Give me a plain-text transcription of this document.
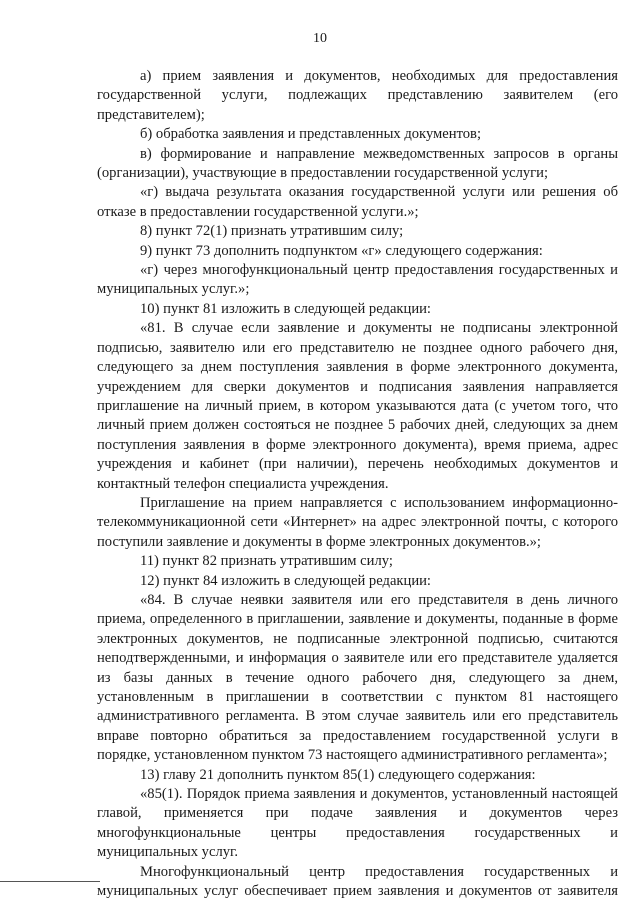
10

а) прием заявления и документов, необходимых для предоставления государственной услуги, подлежащих представлению заявителем (его представителем);

б) обработка заявления и представленных документов;

в) формирование и направление межведомственных запросов в органы (организации), участвующие в предоставлении государственной услуги;

«г) выдача результата оказания государственной услуги или решения об отказе в предоставлении государственной услуги.»;

8) пункт 72(1) признать утратившим силу;

9) пункт 73 дополнить подпунктом «г» следующего содержания:

«г) через многофункциональный центр предоставления государственных и муниципальных услуг.»;

10) пункт 81 изложить в следующей редакции:

«81. В случае если заявление и документы не подписаны электронной подписью, заявителю или его представителю не позднее одного рабочего дня, следующего за днем поступления заявления в форме электронного документа, учреждением для сверки документов и подписания заявления направляется приглашение на личный прием, в котором указываются дата (с учетом того, что личный прием должен состояться не позднее 5 рабочих дней, следующих за днем поступления заявления в форме электронного документа), время приема, адрес учреждения и кабинет (при наличии), перечень необходимых документов и контактный телефон специалиста учреждения.

Приглашение на прием направляется с использованием информационно-телекоммуникационной сети «Интернет» на адрес электронной почты, с которого поступили заявление и документы в форме электронных документов.»;

11) пункт 82 признать утратившим силу;

12) пункт 84 изложить в следующей редакции:

«84. В случае неявки заявителя или его представителя в день личного приема, определенного в приглашении, заявление и документы, поданные в форме электронных документов, не подписанные электронной подписью, считаются неподтвержденными, и информация о заявителе или его представителе удаляется из базы данных в течение одного рабочего дня, следующего за днем, установленным в приглашении в соответствии с пунктом 81 настоящего административного регламента. В этом случае заявитель или его представитель вправе повторно обратиться за предоставлением государственной услуги в порядке, установленном пунктом 73 настоящего административного регламента»;

13) главу 21 дополнить пунктом 85(1) следующего содержания:

«85(1). Порядок приема заявления и документов, установленный настоящей главой, применяется при подаче заявления и документов через многофункциональные центры предоставления государственных и муниципальных услуг.

Многофункциональный центр предоставления государственных и муниципальных услуг обеспечивает прием заявления и документов от заявителя
